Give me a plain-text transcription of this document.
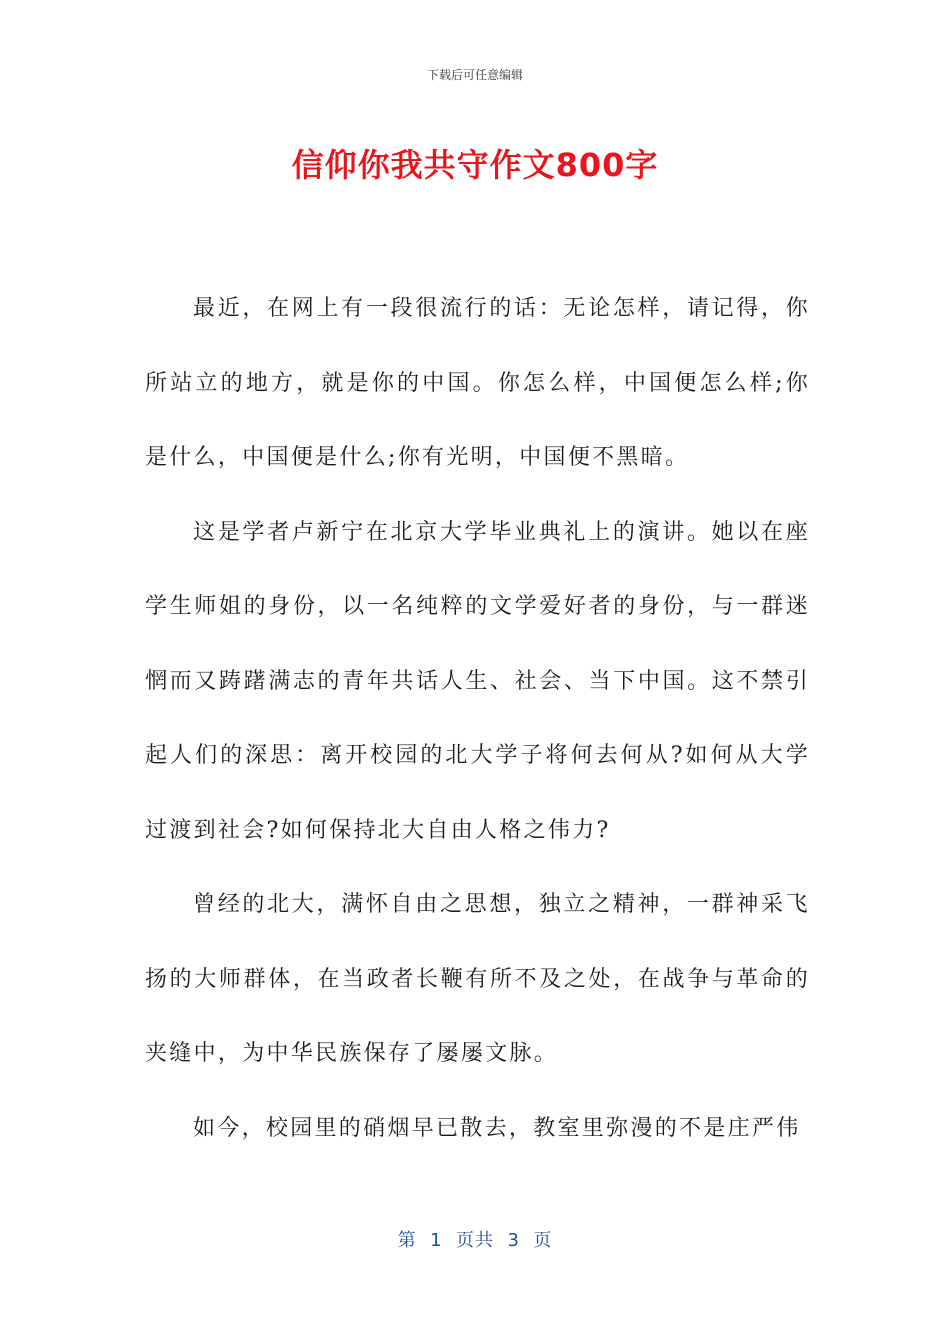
下载后可任意编辑
信仰你我共守作文800字

最近，在网上有一段很流行的话：无论怎样，请记得，你所站立的地方，就是你的中国。你怎么样，中国便怎么样;你是什么，中国便是什么;你有光明，中国便不黑暗。

这是学者卢新宁在北京大学毕业典礼上的演讲。她以在座学生师姐的身份，以一名纯粹的文学爱好者的身份，与一群迷惘而又踌躇满志的青年共话人生、社会、当下中国。这不禁引起人们的深思：离开校园的北大学子将何去何从?如何从大学过渡到社会?如何保持北大自由人格之伟力?

曾经的北大，满怀自由之思想，独立之精神，一群神采飞扬的大师群体，在当政者长鞭有所不及之处，在战争与革命的夹缝中，为中华民族保存了屡屡文脉。

如今，校园里的硝烟早已散去，教室里弥漫的不是庄严伟

第  1  页共  3  页
